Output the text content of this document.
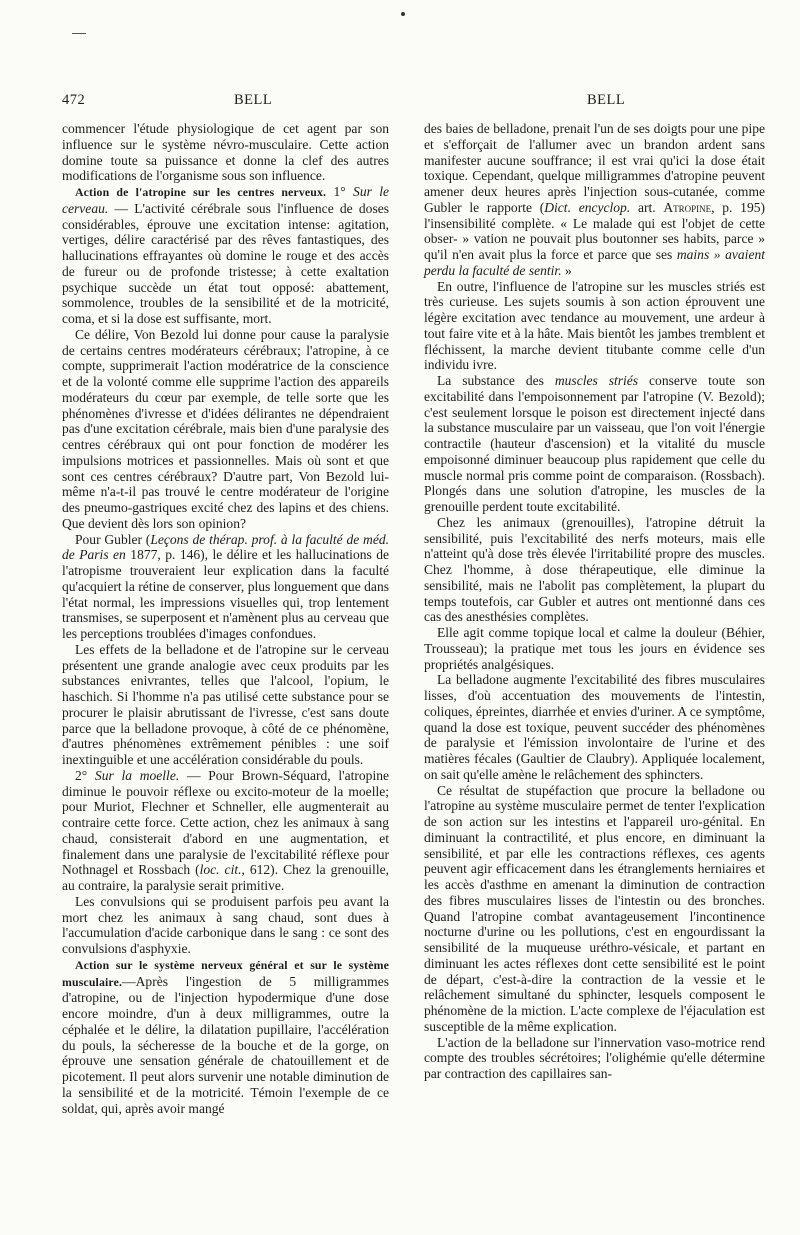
472	BELL	BELL

commencer l'étude physiologique de cet agent par son influence sur le système névro-musculaire. Cette action domine toute sa puissance et donne la clef des autres modifications de l'organisme sous son influence.

Action de l'atropine sur les centres nerveux. 1° Sur le cerveau. — L'activité cérébrale sous l'influence de doses considérables, éprouve une excitation intense: agitation, vertiges, délire caractérisé par des rêves fantastiques, des hallucinations effrayantes où domine le rouge et des accès de fureur ou de profonde tristesse; à cette exaltation psychique succède un état tout opposé: abattement, sommolence, troubles de la sensibilité et de la motricité, coma, et si la dose est suffisante, mort.

Ce délire, Von Bezold lui donne pour cause la paralysie de certains centres modérateurs cérébraux; l'atropine, à ce compte, supprimerait l'action modératrice de la conscience et de la volonté comme elle supprime l'action des appareils modérateurs du cœur par exemple, de telle sorte que les phénomènes d'ivresse et d'idées délirantes ne dépendraient pas d'une excitation cérébrale, mais bien d'une paralysie des centres cérébraux qui ont pour fonction de modérer les impulsions motrices et passionnelles. Mais où sont et que sont ces centres cérébraux? D'autre part, Von Bezold lui-même n'a-t-il pas trouvé le centre modérateur de l'origine des pneumo-gastriques excité chez des lapins et des chiens. Que devient dès lors son opinion?

Pour Gubler (Leçons de thérap. prof. à la faculté de méd. de Paris en 1877, p. 146), le délire et les hallucinations de l'atropisme trouveraient leur explication dans la faculté qu'acquiert la rétine de conserver, plus longuement que dans l'état normal, les impressions visuelles qui, trop lentement transmises, se superposent et n'amènent plus au cerveau que les perceptions troublées d'images confondues.

Les effets de la belladone et de l'atropine sur le cerveau présentent une grande analogie avec ceux produits par les substances enivrantes, telles que l'alcool, l'opium, le haschich. Si l'homme n'a pas utilisé cette substance pour se procurer le plaisir abrutissant de l'ivresse, c'est sans doute parce que la belladone provoque, à côté de ce phénomène, d'autres phénomènes extrêmement pénibles : une soif inextinguible et une accélération considérable du pouls.

2° Sur la moelle. — Pour Brown-Séquard, l'atropine diminue le pouvoir réflexe ou excito-moteur de la moelle; pour Muriot, Flechner et Schneller, elle augmenterait au contraire cette force. Cette action, chez les animaux à sang chaud, consisterait d'abord en une augmentation, et finalement dans une paralysie de l'excitabilité réflexe pour Nothnagel et Rossbach (loc. cit., 612). Chez la grenouille, au contraire, la paralysie serait primitive.

Les convulsions qui se produisent parfois peu avant la mort chez les animaux à sang chaud, sont dues à l'accumulation d'acide carbonique dans le sang : ce sont des convulsions d'asphyxie.

Action sur le système nerveux général et sur le système musculaire.—Après l'ingestion de 5 milligrammes d'atropine, ou de l'injection hypodermique d'une dose encore moindre, d'un à deux milligrammes, outre la céphalée et le délire, la dilatation pupillaire, l'accélération du pouls, la sécheresse de la bouche et de la gorge, on éprouve une sensation générale de chatouillement et de picotement. Il peut alors survenir une notable diminution de la sensibilité et de la motricité. Témoin l'exemple de ce soldat, qui, après avoir mangé

des baies de belladone, prenait l'un de ses doigts pour une pipe et s'efforçait de l'allumer avec un brandon ardent sans manifester aucune souffrance; il est vrai qu'ici la dose était toxique. Cependant, quelque milligrammes d'atropine peuvent amener deux heures après l'injection sous-cutanée, comme Gubler le rapporte (Dict. encyclop. art. Atropine, p. 195) l'insensibilité complète. « Le malade qui est l'objet de cette obser- » vation ne pouvait plus boutonner ses habits, parce » qu'il n'en avait plus la force et parce que ses mains » avaient perdu la faculté de sentir. »

En outre, l'influence de l'atropine sur les muscles striés est très curieuse. Les sujets soumis à son action éprouvent une légère excitation avec tendance au mouvement, une ardeur à tout faire vite et à la hâte. Mais bientôt les jambes tremblent et fléchissent, la marche devient titubante comme celle d'un individu ivre.

La substance des muscles striés conserve toute son excitabilité dans l'empoisonnement par l'atropine (V. Bezold); c'est seulement lorsque le poison est directement injecté dans la substance musculaire par un vaisseau, que l'on voit l'énergie contractile (hauteur d'ascension) et la vitalité du muscle empoisonné diminuer beaucoup plus rapidement que celle du muscle normal pris comme point de comparaison. (Rossbach). Plongés dans une solution d'atropine, les muscles de la grenouille perdent toute excitabilité.

Chez les animaux (grenouilles), l'atropine détruit la sensibilité, puis l'excitabilité des nerfs moteurs, mais elle n'atteint qu'à dose très élevée l'irritabilité propre des muscles. Chez l'homme, à dose thérapeutique, elle diminue la sensibilité, mais ne l'abolit pas complètement, la plupart du temps toutefois, car Gubler et autres ont mentionné dans ces cas des anesthésies complètes.

Elle agit comme topique local et calme la douleur (Béhier, Trousseau); la pratique met tous les jours en évidence ses propriétés analgésiques.

La belladone augmente l'excitabilité des fibres musculaires lisses, d'où accentuation des mouvements de l'intestin, coliques, épreintes, diarrhée et envies d'uriner. A ce symptôme, quand la dose est toxique, peuvent succéder des phénomènes de paralysie et l'émission involontaire de l'urine et des matières fécales (Gaultier de Claubry). Appliquée localement, on sait qu'elle amène le relâchement des sphincters.

Ce résultat de stupéfaction que procure la belladone ou l'atropine au système musculaire permet de tenter l'explication de son action sur les intestins et l'appareil uro-génital. En diminuant la contractilité, et plus encore, en diminuant la sensibilité, et par elle les contractions réflexes, ces agents peuvent agir efficacement dans les étranglements herniaires et les accès d'asthme en amenant la diminution de contraction des fibres musculaires lisses de l'intestin ou des bronches. Quand l'atropine combat avantageusement l'incontinence nocturne d'urine ou les pollutions, c'est en engourdissant la sensibilité de la muqueuse uréthro-vésicale, et partant en diminuant les actes réflexes dont cette sensibilité est le point de départ, c'est-à-dire la contraction de la vessie et le relâchement simultané du sphincter, lesquels composent le phénomène de la miction. L'acte complexe de l'éjaculation est susceptible de la même explication.

L'action de la belladone sur l'innervation vaso-motrice rend compte des troubles sécrétoires; l'olighémie qu'elle détermine par contraction des capillaires san-
